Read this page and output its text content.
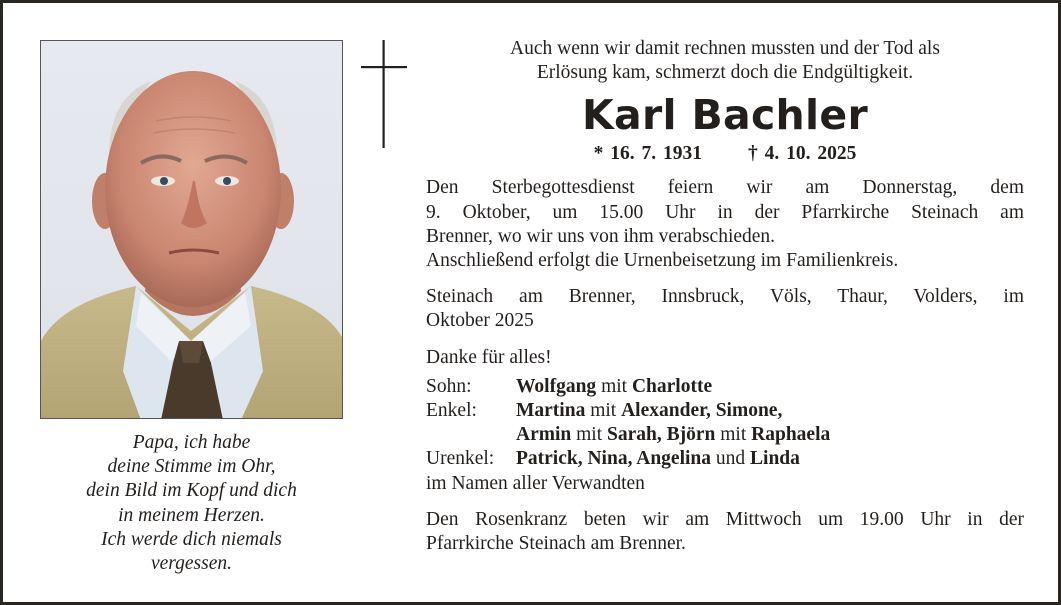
Papa, ich habe
deine Stimme im Ohr,
dein Bild im Kopf und dich
in meinem Herzen.
Ich werde dich niemals
vergessen.
Auch wenn wir damit rechnen mussten und der Tod als
Erlösung kam, schmerzt doch die Endgültigkeit.
Karl Bachler
* 16. 7. 1931 † 4. 10. 2025
Den Sterbegottesdienst feiern wir am Donnerstag, dem
9. Oktober, um 15.00 Uhr in der Pfarrkirche Steinach am
Brenner, wo wir uns von ihm verabschieden.
Anschließend erfolgt die Urnenbeisetzung im Familienkreis.
Steinach am Brenner, Innsbruck, Völs, Thaur, Volders, im
Oktober 2025
Danke für alles!
Sohn:	Wolfgang mit Charlotte
Enkel:	Martina mit Alexander, Simone,
Armin mit Sarah, Björn mit Raphaela
Urenkel:	Patrick, Nina, Angelina und Linda
im Namen aller Verwandten
Den Rosenkranz beten wir am Mittwoch um 19.00 Uhr in der
Pfarrkirche Steinach am Brenner.
